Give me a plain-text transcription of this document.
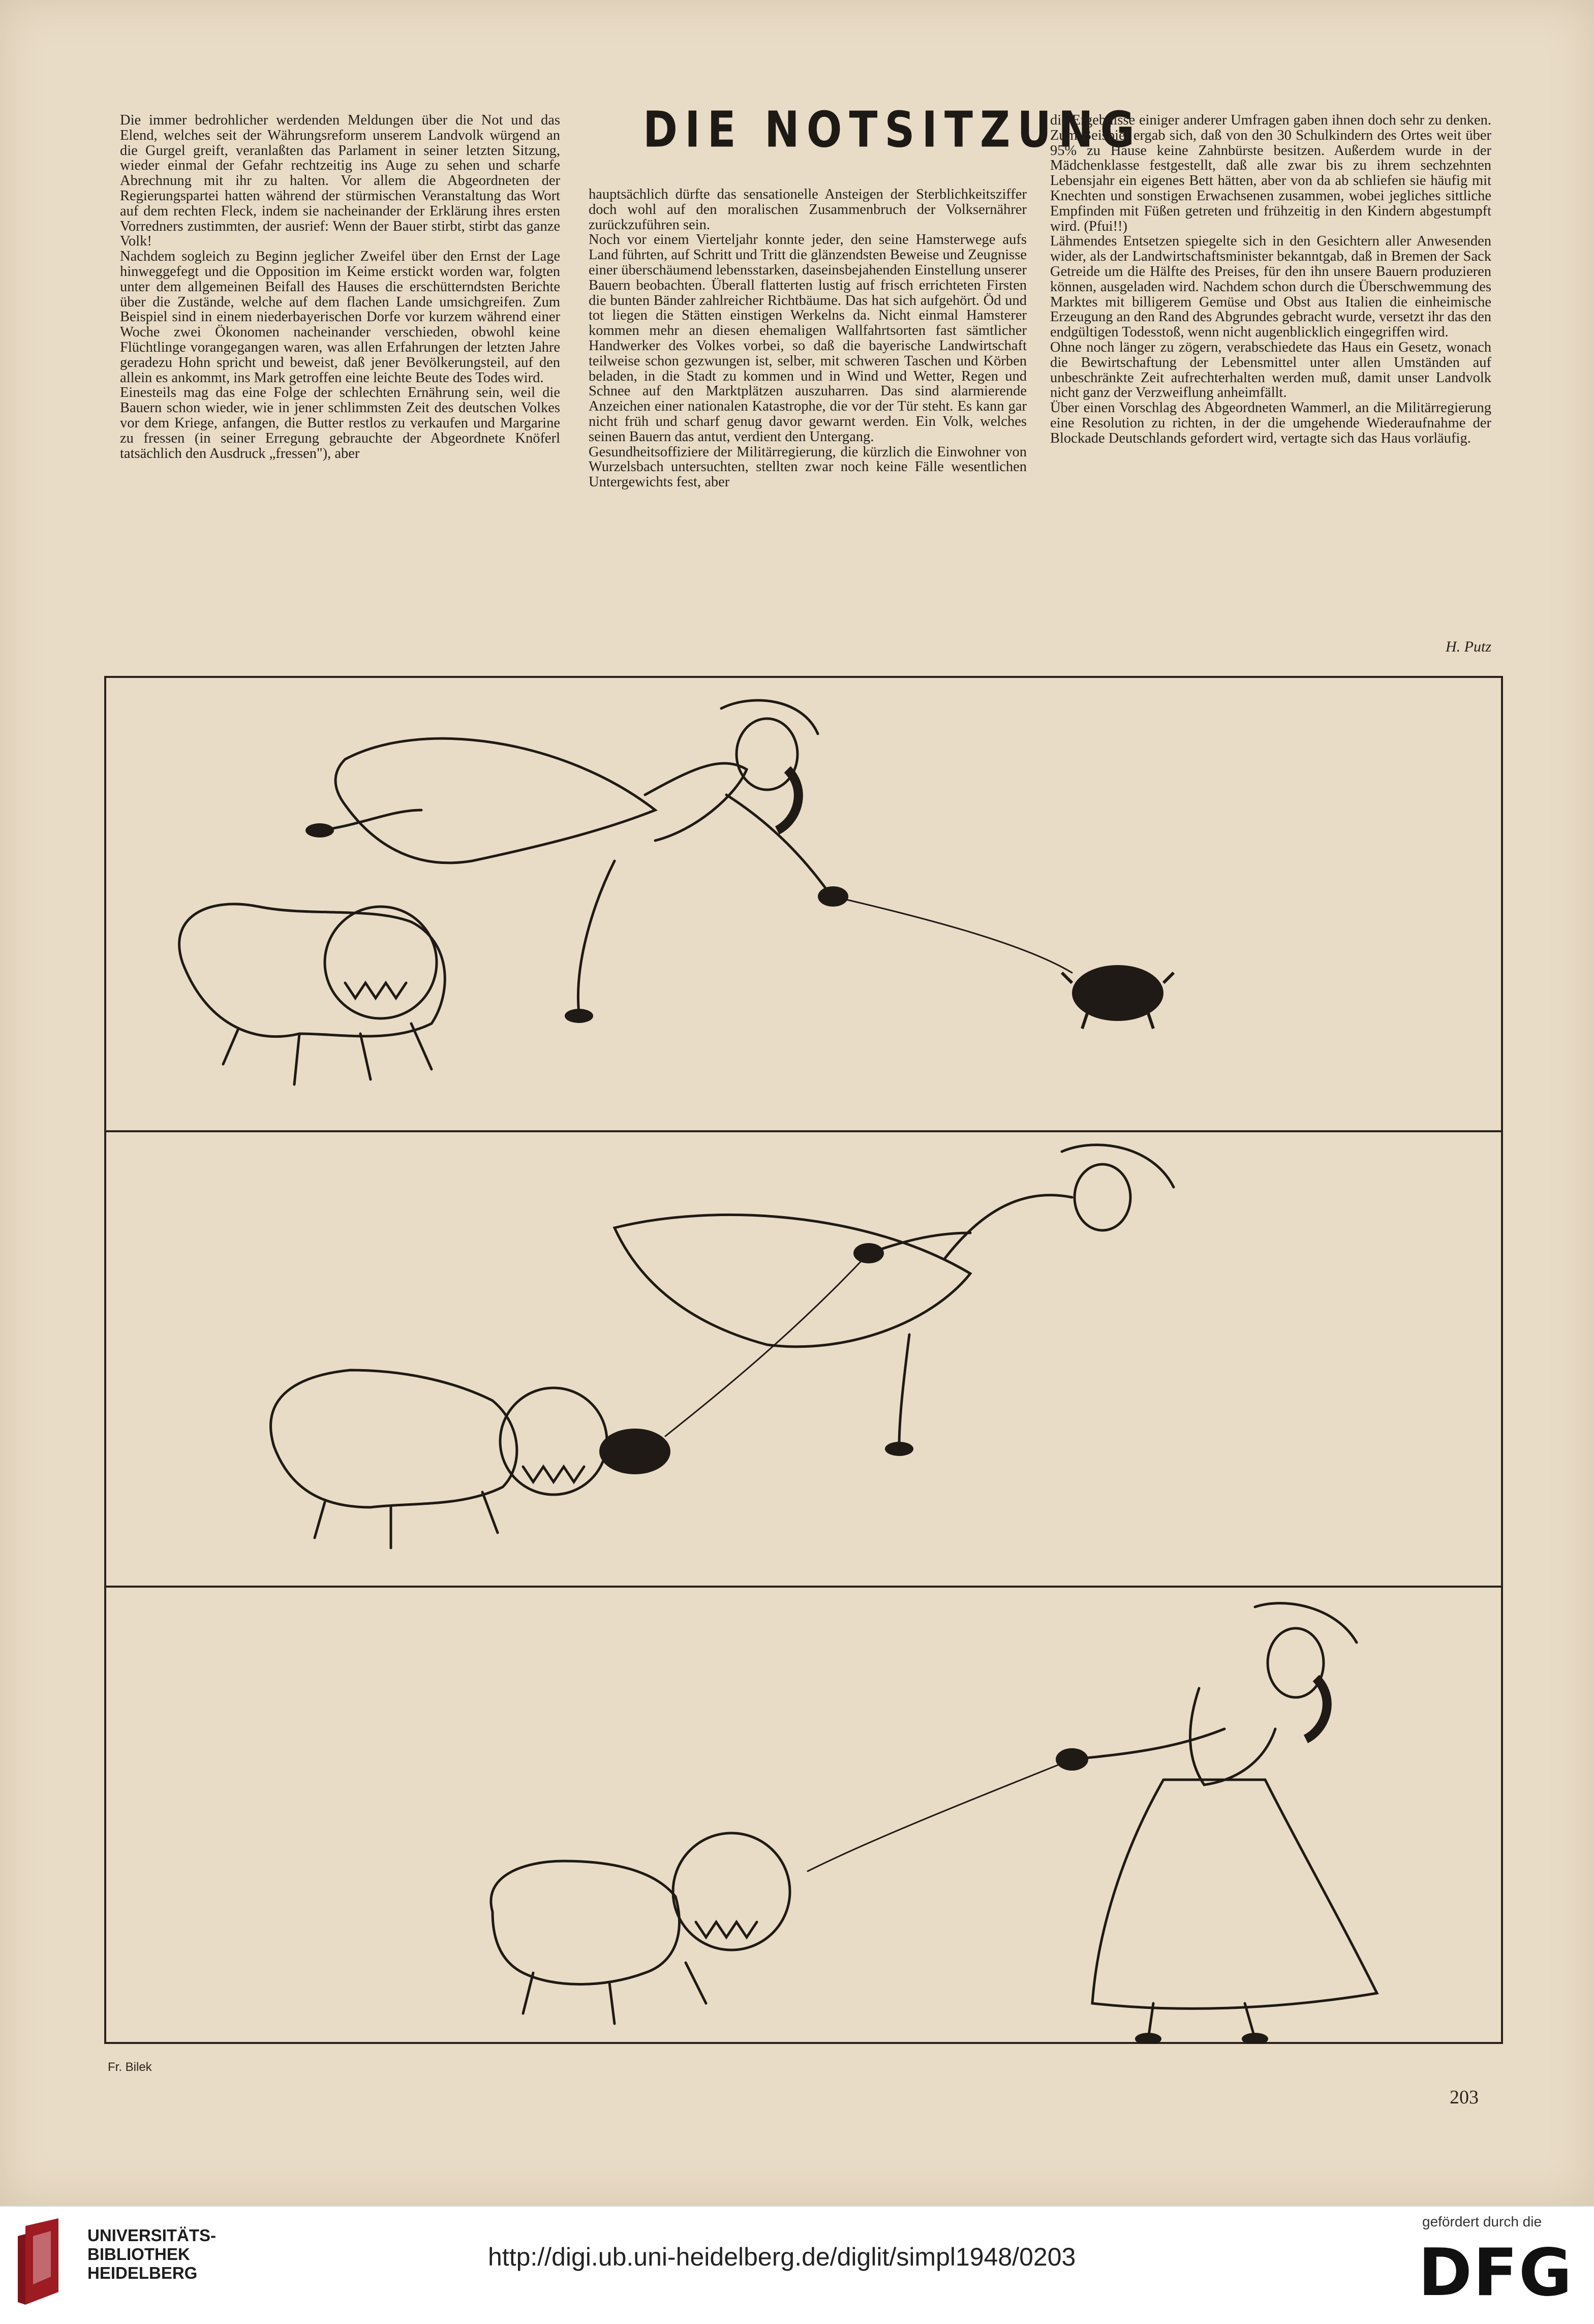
DIE NOTSITZUNG

Die immer bedrohlicher werdenden Meldungen über die Not und das Elend, welches seit der Währungsreform unserem Landvolk würgend an die Gurgel greift, veranlaßten das Parlament in seiner letzten Sitzung, wieder einmal der Gefahr rechtzeitig ins Auge zu sehen und scharfe Abrechnung mit ihr zu halten. Vor allem die Abgeordneten der Regierungspartei hatten während der stürmischen Veranstaltung das Wort auf dem rechten Fleck, indem sie nacheinander der Erklärung ihres ersten Vorredners zustimmten, der ausrief: Wenn der Bauer stirbt, stirbt das ganze Volk!

Nachdem sogleich zu Beginn jeglicher Zweifel über den Ernst der Lage hinweggefegt und die Opposition im Keime erstickt worden war, folgten unter dem allgemeinen Beifall des Hauses die erschütterndsten Berichte über die Zustände, welche auf dem flachen Lande umsichgreifen. Zum Beispiel sind in einem niederbayerischen Dorfe vor kurzem während einer Woche zwei Ökonomen nacheinander verschieden, obwohl keine Flüchtlinge vorangegangen waren, was allen Erfahrungen der letzten Jahre geradezu Hohn spricht und beweist, daß jener Bevölkerungsteil, auf den allein es ankommt, ins Mark getroffen eine leichte Beute des Todes wird.

Einesteils mag das eine Folge der schlechten Ernährung sein, weil die Bauern schon wieder, wie in jener schlimmsten Zeit des deutschen Volkes vor dem Kriege, anfangen, die Butter restlos zu verkaufen und Margarine zu fressen (in seiner Erregung gebrauchte der Abgeordnete Knöferl tatsächlich den Ausdruck „fressen"), aber

hauptsächlich dürfte das sensationelle Ansteigen der Sterblichkeitsziffer doch wohl auf den moralischen Zusammenbruch der Volksernährer zurückzuführen sein.

Noch vor einem Vierteljahr konnte jeder, den seine Hamsterwege aufs Land führten, auf Schritt und Tritt die glänzendsten Beweise und Zeugnisse einer überschäumend lebensstarken, daseinsbejahenden Einstellung unserer Bauern beobachten. Überall flatterten lustig auf frisch errichteten Firsten die bunten Bänder zahlreicher Richtbäume. Das hat sich aufgehört. Öd und tot liegen die Stätten einstigen Werkelns da. Nicht einmal Hamsterer kommen mehr an diesen ehemaligen Wallfahrtsorten fast sämtlicher Handwerker des Volkes vorbei, so daß die bayerische Landwirtschaft teilweise schon gezwungen ist, selber, mit schweren Taschen und Körben beladen, in die Stadt zu kommen und in Wind und Wetter, Regen und Schnee auf den Marktplätzen auszuharren. Das sind alarmierende Anzeichen einer nationalen Katastrophe, die vor der Tür steht. Es kann gar nicht früh und scharf genug davor gewarnt werden. Ein Volk, welches seinen Bauern das antut, verdient den Untergang.

Gesundheitsoffiziere der Militärregierung, die kürzlich die Einwohner von Wurzelsbach untersuchten, stellten zwar noch keine Fälle wesentlichen Untergewichts fest, aber

die Ergebnisse einiger anderer Umfragen gaben ihnen doch sehr zu denken. Zum Beispiel ergab sich, daß von den 30 Schulkindern des Ortes weit über 95% zu Hause keine Zahnbürste besitzen. Außerdem wurde in der Mädchenklasse festgestellt, daß alle zwar bis zu ihrem sechzehnten Lebensjahr ein eigenes Bett hätten, aber von da ab schliefen sie häufig mit Knechten und sonstigen Erwachsenen zusammen, wobei jegliches sittliche Empfinden mit Füßen getreten und frühzeitig in den Kindern abgestumpft wird. (Pfui!!)

Lähmendes Entsetzen spiegelte sich in den Gesichtern aller Anwesenden wider, als der Landwirtschaftsminister bekanntgab, daß in Bremen der Sack Getreide um die Hälfte des Preises, für den ihn unsere Bauern produzieren können, ausgeladen wird. Nachdem schon durch die Überschwemmung des Marktes mit billigerem Gemüse und Obst aus Italien die einheimische Erzeugung an den Rand des Abgrundes gebracht wurde, versetzt ihr das den endgültigen Todesstoß, wenn nicht augenblicklich eingegriffen wird.

Ohne noch länger zu zögern, verabschiedete das Haus ein Gesetz, wonach die Bewirtschaftung der Lebensmittel unter allen Umständen auf unbeschränkte Zeit aufrechterhalten werden muß, damit unser Landvolk nicht ganz der Verzweiflung anheimfällt.

Über einen Vorschlag des Abgeordneten Wammerl, an die Militärregierung eine Resolution zu richten, in der die umgehende Wiederaufnahme der Blockade Deutschlands gefordert wird, vertagte sich das Haus vorläufig.

H. Putz
Fr. Bilek
203
UNIVERSITÄTS-
BIBLIOTHEK
HEIDELBERG
http://digi.ub.uni-heidelberg.de/diglit/simpl1948/0203
gefördert durch die
DFG
